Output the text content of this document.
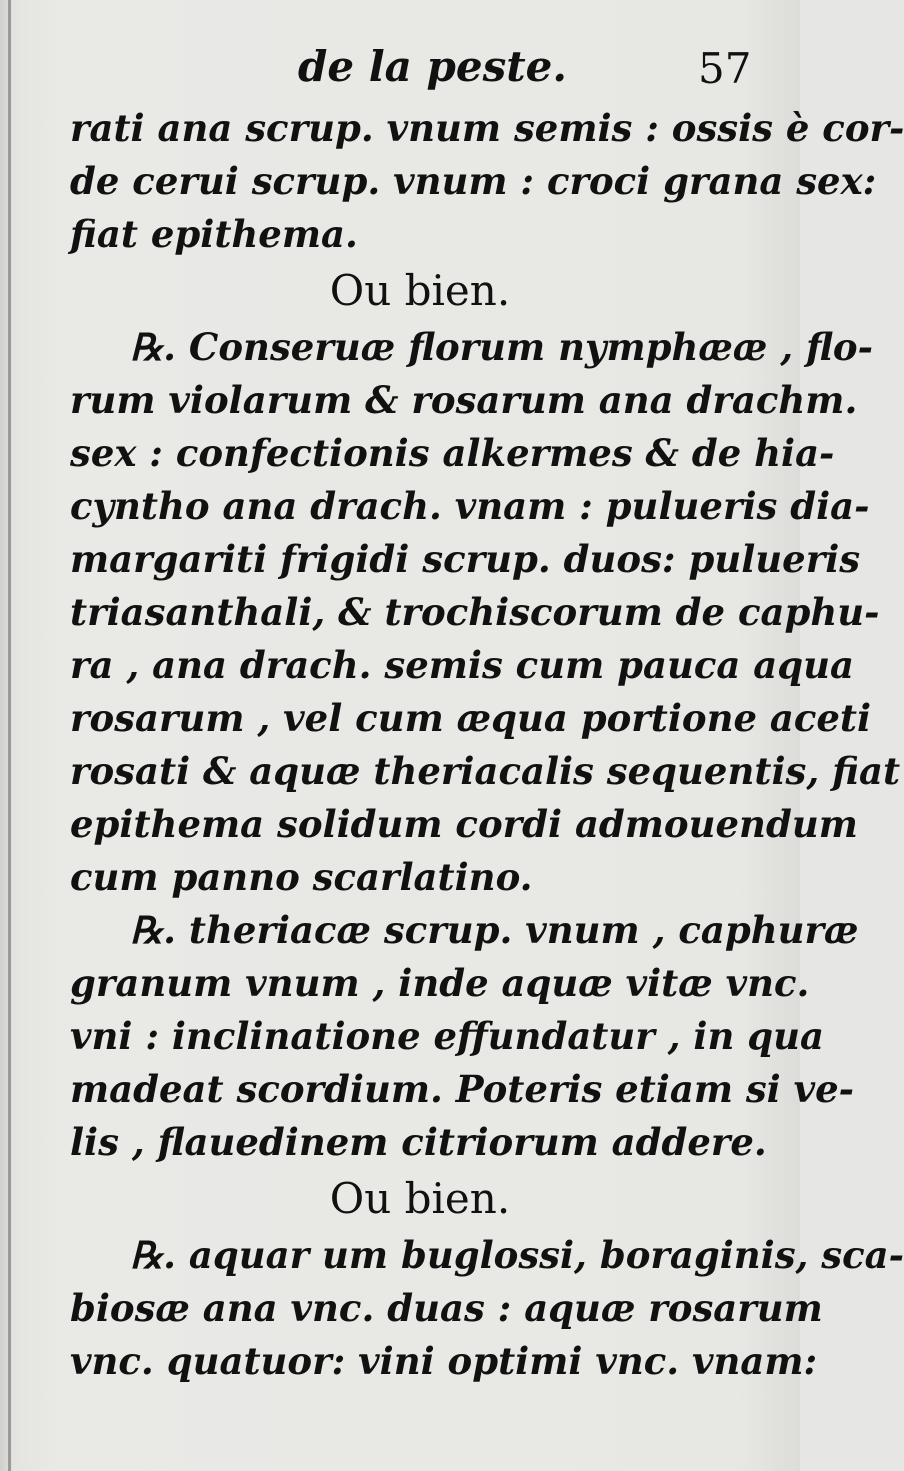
de la peste.	57
rati ana scrup. vnum semis : ossis è cor-
de cerui scrup. vnum : croci grana sex:
fiat epithema.
Ou bien.
℞. Conseruæ florum nymphææ , flo-
rum violarum & rosarum ana drachm.
sex : confectionis alkermes & de hia-
cyntho ana drach. vnam : pulueris dia-
margariti frigidi scrup. duos: pulueris
triasanthali, & trochiscorum de caphu-
ra , ana drach. semis cum pauca aqua
rosarum , vel cum æqua portione aceti
rosati & aquæ theriacalis sequentis, fiat
epithema solidum cordi admouendum
cum panno scarlatino.
℞. theriacæ scrup. vnum , caphuræ
granum vnum , inde aquæ vitæ vnc.
vni : inclinatione effundatur , in qua
madeat scordium. Poteris etiam si ve-
lis , flauedinem citriorum addere.
Ou bien.
℞. aquar um buglossi, boraginis, sca-
biosæ ana vnc. duas : aquæ rosarum
vnc. quatuor: vini optimi vnc. vnam:
